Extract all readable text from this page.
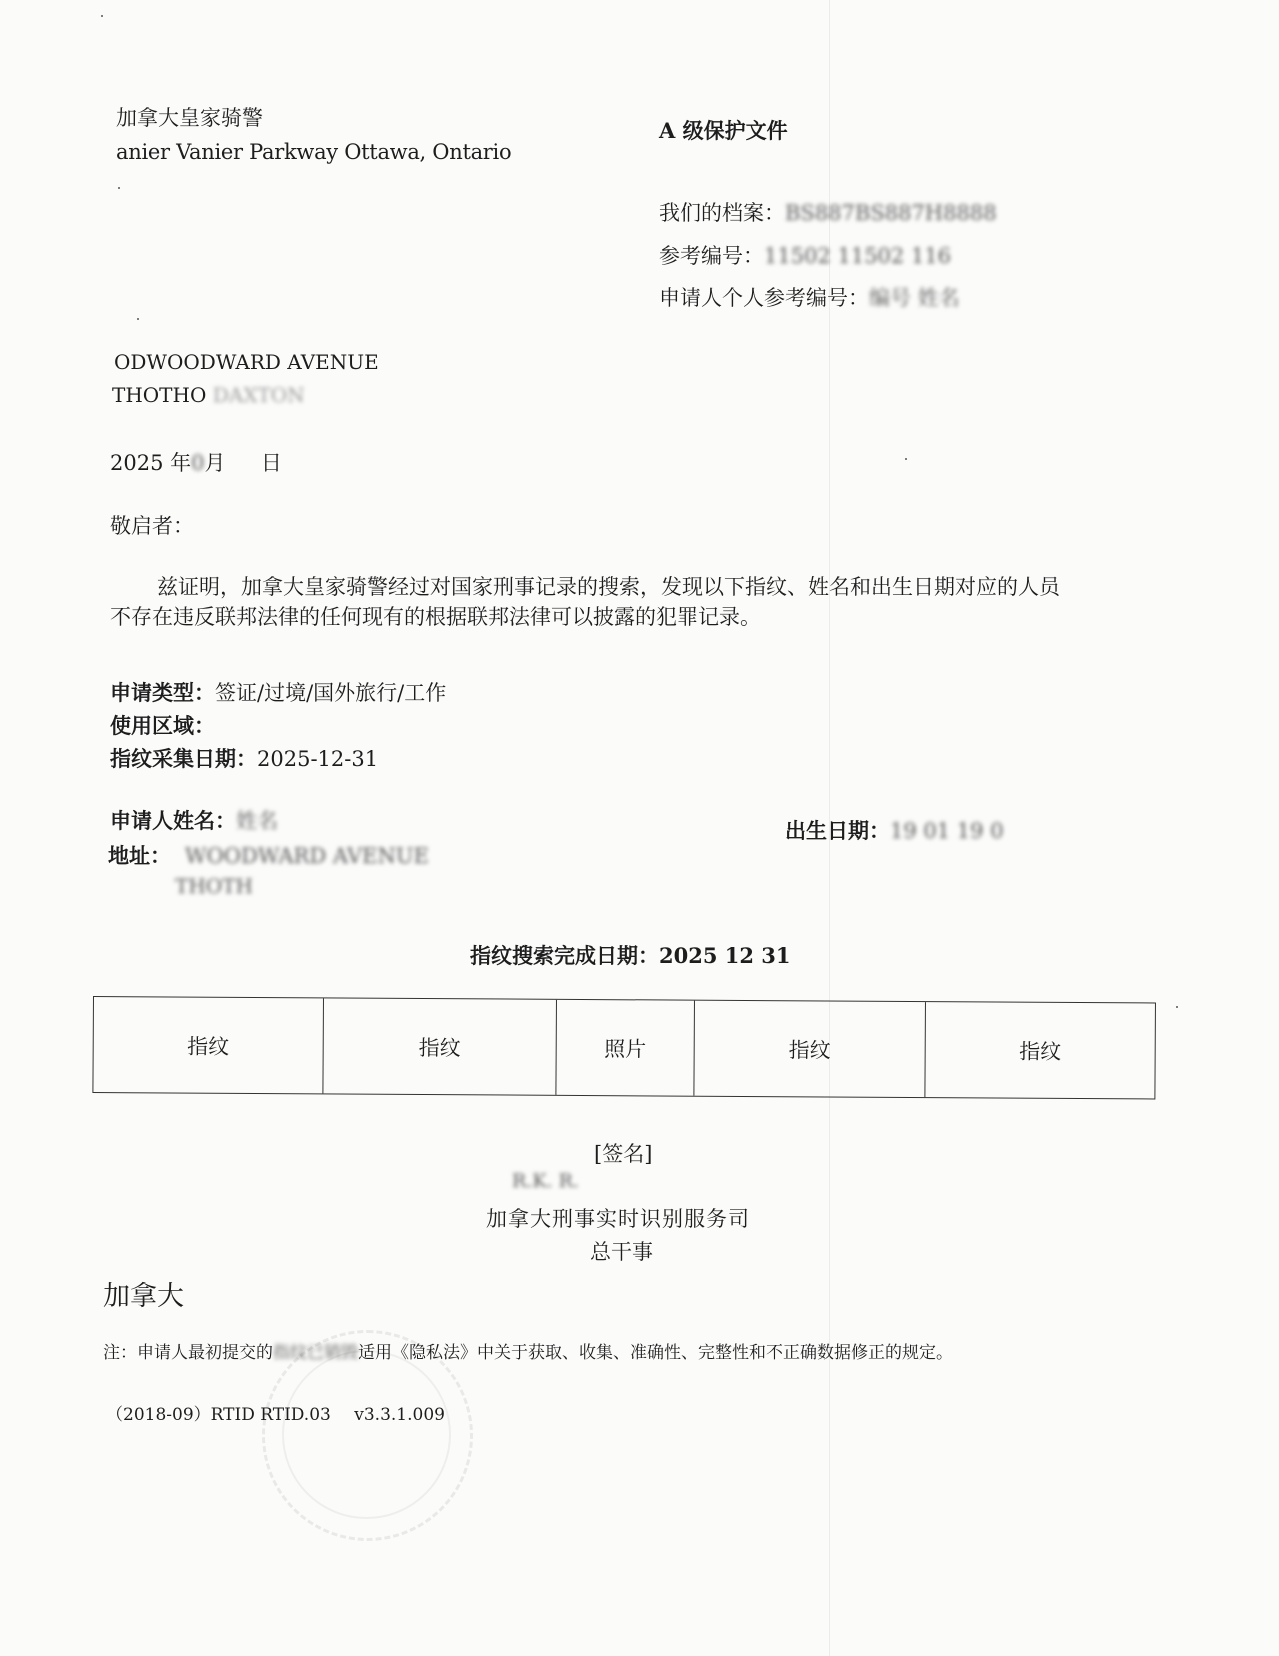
加拿大皇家骑警
anier Vanier Parkway Ottawa, Ontario
A 级保护文件
我们的档案：BS887BS887H8888
参考编号：11502 11502 116
申请人个人参考编号：编号 姓名
ODWOODWARD AVENUE
THOTHO DAXTON
2025 年0月 日
敬启者：
兹证明，加拿大皇家骑警经过对国家刑事记录的搜索，发现以下指纹、姓名和出生日期对应的人员
不存在违反联邦法律的任何现有的根据联邦法律可以披露的犯罪记录。
申请类型：签证/过境/国外旅行/工作
使用区域：
指纹采集日期：2025-12-31
申请人姓名：姓名
地址： WOODWARD AVENUE
THOTH
出生日期：19 01 19 0
指纹搜索完成日期：2025 12 31
指纹	指纹	照片	指纹	指纹
[签名]
R.K. R.
加拿大刑事实时识别服务司
总干事
加拿大
注：申请人最初提交的指纹已销毁适用《隐私法》中关于获取、收集、准确性、完整性和不正确数据修正的规定。
（2018-09）RTID RTID.03 v3.3.1.009
